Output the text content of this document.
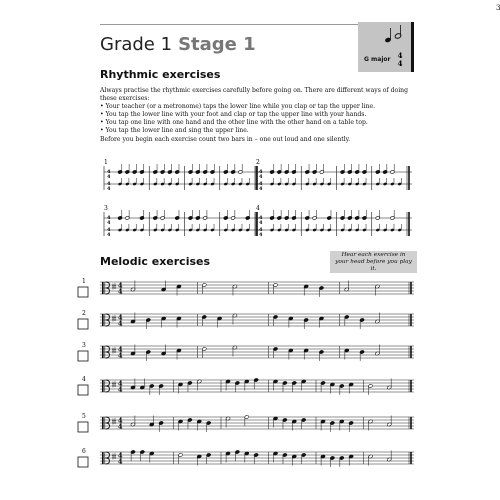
3
Grade 1 Stage 1
4
4
G major
Rhythmic exercises

Always practise the rhythmic exercises carefully before going on. There are different ways of doing these exercises:

• Your teacher (or a metronome) taps the lower line while you clap or tap the upper line.

• You tap the lower line with your foot and clap or tap the upper line with your hands.

• You tap one line with one hand and the other line with the other hand on a table top.

• You tap the lower line and sing the upper line.

Before you begin each exercise count two bars in – one out loud and one silently.

1
4
4
4
4
2
4
4
4
4
3
4
4
4
4
4
4
4
4
4
Melodic exercises
Hear each exercise in your head before you play it.
1	4
4
2	4
4
3	4
4
4	4
4
5	4
4
6	4
4
